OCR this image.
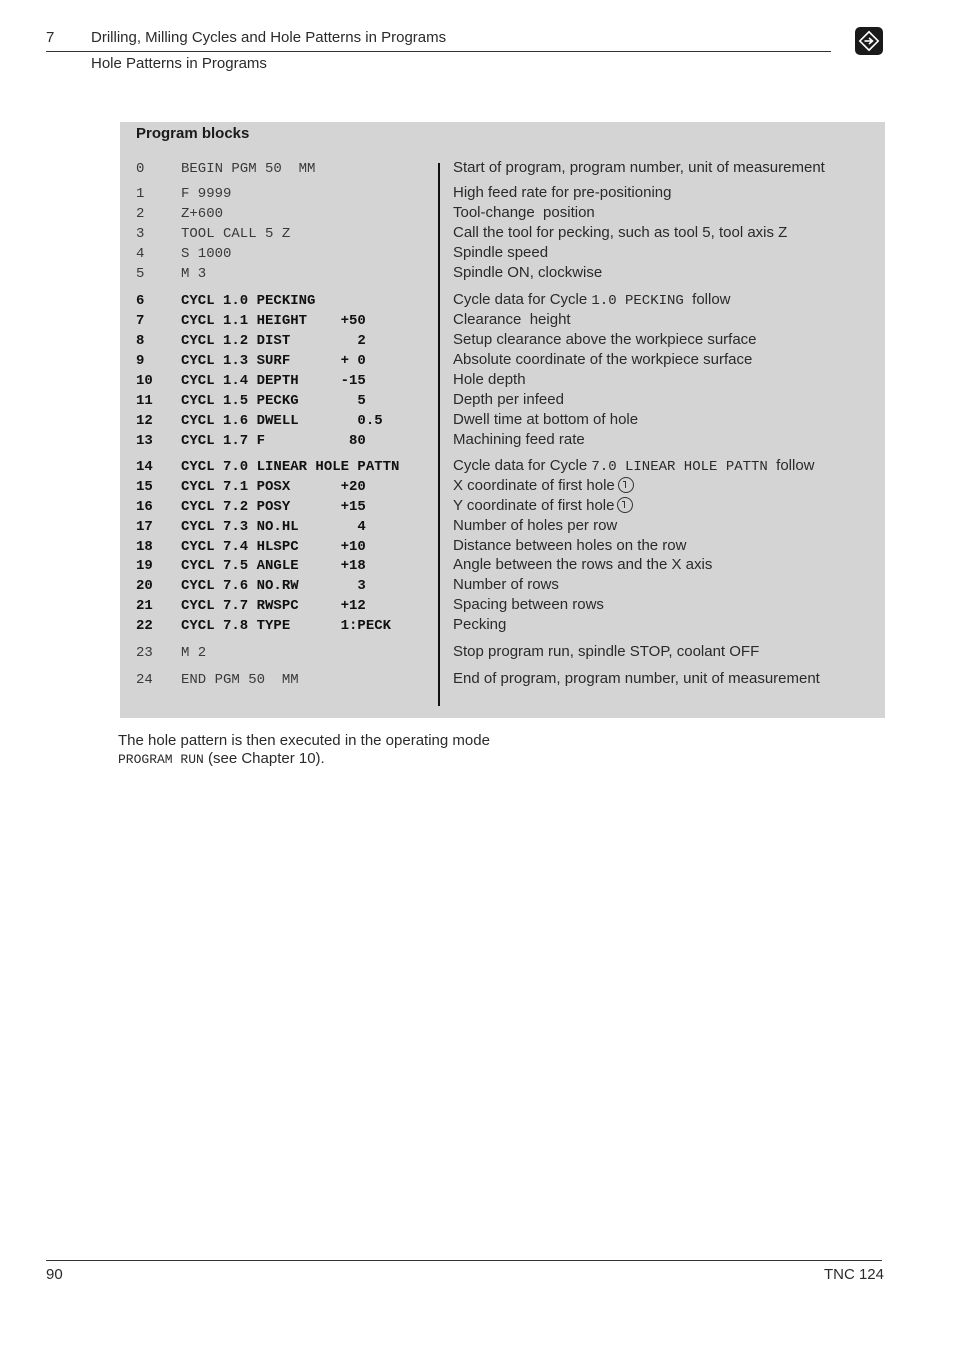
7 Drilling, Milling Cycles and Hole Patterns in Programs
Hole Patterns in Programs
Program blocks
0	BEGIN PGM 50  MM	Start of program, program number, unit of measurement
1	F 9999	High feed rate for pre-positioning
2	Z+600	Tool-change  position
3	TOOL CALL 5 Z	Call the tool for pecking, such as tool 5, tool axis Z
4	S 1000	Spindle speed
5	M 3	Spindle ON, clockwise
6	CYCL 1.0 PECKING	Cycle data for Cycle 1.0 PECKING  follow
7	CYCL 1.1 HEIGHT    +50	Clearance  height
8	CYCL 1.2 DIST        2	Setup clearance above the workpiece surface
9	CYCL 1.3 SURF      + 0	Absolute coordinate of the workpiece surface
10 CYCL 1.4 DEPTH     -15	Hole depth
11 CYCL 1.5 PECKG       5	Depth per infeed
12 CYCL 1.6 DWELL       0.5	Dwell time at bottom of hole
13 CYCL 1.7 F          80	Machining feed rate
14 CYCL 7.0 LINEAR HOLE PATTN	Cycle data for Cycle 7.0 LINEAR HOLE PATTN  follow
15 CYCL 7.1 POSX      +20	X coordinate of first hole
16 CYCL 7.2 POSY      +15	Y coordinate of first hole
17 CYCL 7.3 NO.HL       4	Number of holes per row
18 CYCL 7.4 HLSPC     +10	Distance between holes on the row
19 CYCL 7.5 ANGLE     +18	Angle between the rows and the X axis
20 CYCL 7.6 NO.RW       3	Number of rows
21 CYCL 7.7 RWSPC     +12	Spacing between rows
22 CYCL 7.8 TYPE      1:PECK	Pecking
23 M 2	Stop program run, spindle STOP, coolant OFF
24 END PGM 50  MM	End of program, program number, unit of measurement
The hole pattern is then executed in the operating mode
PROGRAM RUN (see Chapter 10).
90	TNC 124
